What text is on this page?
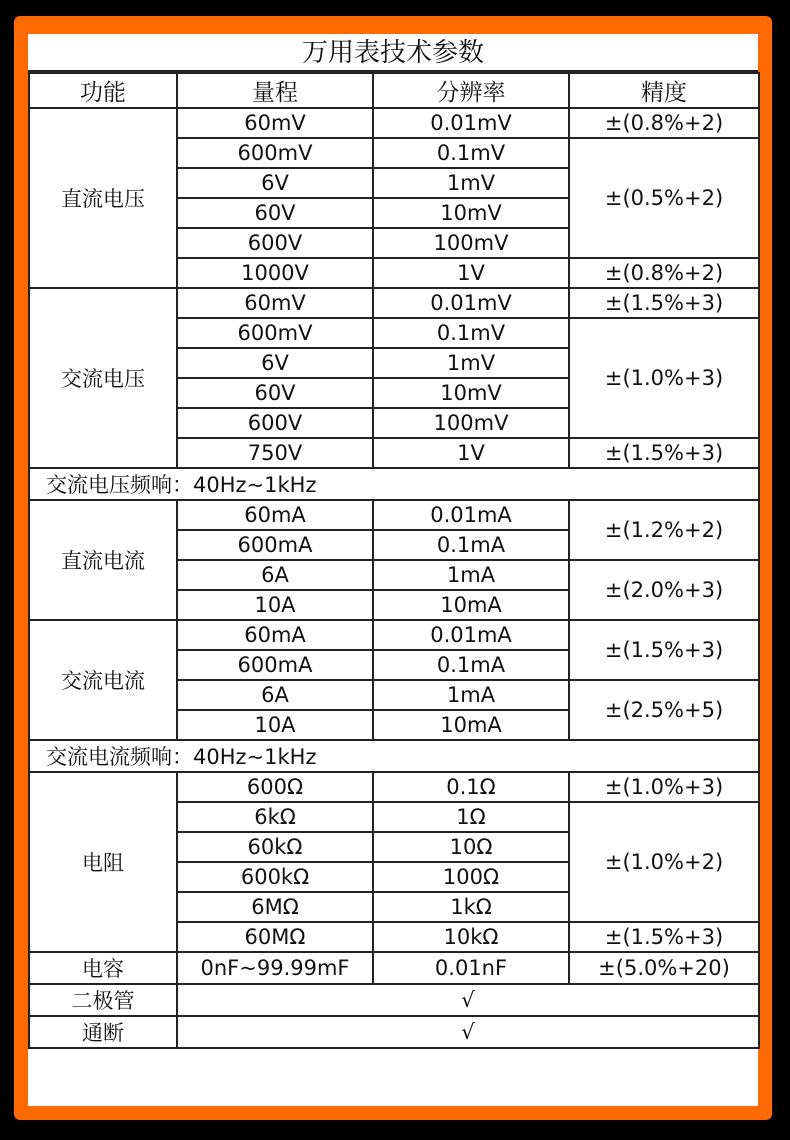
万用表技术参数
功能	量程	分辨率	精度
直流电压	60mV	0.01mV	±(0.8%+2)
	600mV	0.1mV	±(0.5%+2)
	6V	1mV	
	60V	10mV	
	600V	100mV	
	1000V	1V	±(0.8%+2)
交流电压	60mV	0.01mV	±(1.5%+3)
	600mV	0.1mV	±(1.0%+3)
	6V	1mV	
	60V	10mV	
	600V	100mV	
	750V	1V	±(1.5%+3)
交流电压频响：40Hz~1kHz			
直流电流	60mA	0.01mA	±(1.2%+2)
	600mA	0.1mA	
	6A	1mA	±(2.0%+3)
	10A	10mA	
交流电流	60mA	0.01mA	±(1.5%+3)
	600mA	0.1mA	
	6A	1mA	±(2.5%+5)
	10A	10mA	
交流电流频响：40Hz~1kHz			
电阻	600Ω	0.1Ω	±(1.0%+3)
	6kΩ	1Ω	±(1.0%+2)
	60kΩ	10Ω	
	600kΩ	100Ω	
	6MΩ	1kΩ	
	60MΩ	10kΩ	±(1.5%+3)
电容	0nF~99.99mF	0.01nF	±(5.0%+20)
二极管	√		
通断	√		
